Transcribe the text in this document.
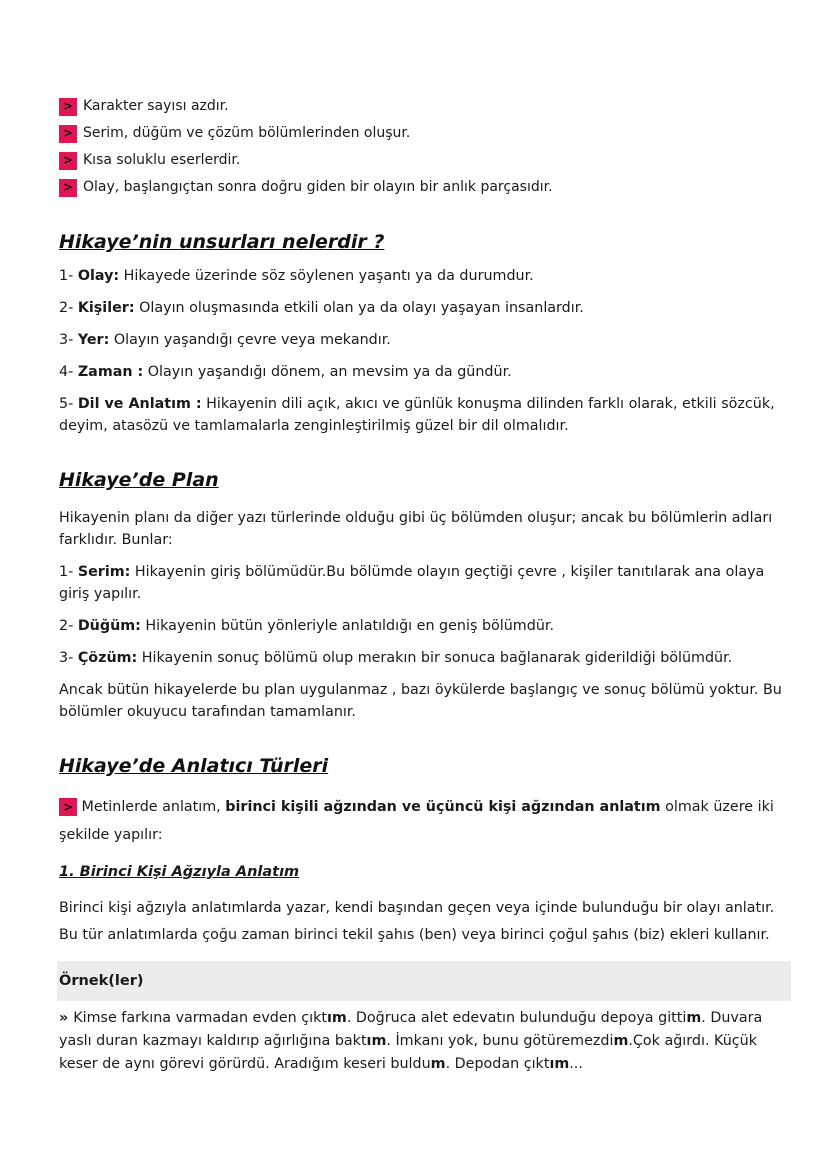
> Karakter sayısı azdır.
> Serim, düğüm ve çözüm bölümlerinden oluşur.
> Kısa soluklu eserlerdir.
> Olay, başlangıçtan sonra doğru giden bir olayın bir anlık parçasıdır.
Hikaye’nin unsurları nelerdir ?
1- Olay: Hikayede üzerinde söz söylenen yaşantı ya da durumdur.
2- Kişiler: Olayın oluşmasında etkili olan ya da olayı yaşayan insanlardır.
3- Yer: Olayın yaşandığı çevre veya mekandır.
4- Zaman : Olayın yaşandığı dönem, an mevsim ya da gündür.
5- Dil ve Anlatım : Hikayenin dili açık, akıcı ve günlük konuşma dilinden farklı olarak, etkili sözcük, deyim, atasözü ve tamlamalarla zenginleştirilmiş güzel bir dil olmalıdır.
Hikaye’de Plan

Hikayenin planı da diğer yazı türlerinde olduğu gibi üç bölümden oluşur; ancak bu bölümlerin adları farklıdır. Bunlar:

1- Serim: Hikayenin giriş bölümüdür.Bu bölümde olayın geçtiği çevre , kişiler tanıtılarak ana olaya giriş yapılır.
2- Düğüm: Hikayenin bütün yönleriyle anlatıldığı en geniş bölümdür.
3- Çözüm: Hikayenin sonuç bölümü olup merakın bir sonuca bağlanarak giderildiği bölümdür.

Ancak bütün hikayelerde bu plan uygulanmaz , bazı öykülerde başlangıç ve sonuç bölümü yoktur. Bu bölümler okuyucu tarafından tamamlanır.

Hikaye’de Anlatıcı Türleri

> Metinlerde anlatım, birinci kişili ağzından ve üçüncü kişi ağzından anlatım olmak üzere iki şekilde yapılır:

1. Birinci Kişi Ağzıyla Anlatım

Birinci kişi ağzıyla anlatımlarda yazar, kendi başından geçen veya içinde bulunduğu bir olayı anlatır. Bu tür anlatımlarda çoğu zaman birinci tekil şahıs (ben) veya birinci çoğul şahıs (biz) ekleri kullanır.

Örnek(ler)

» Kimse farkına varmadan evden çıktım. Doğruca alet edevatın bulunduğu depoya gittim. Duvara yaslı duran kazmayı kaldırıp ağırlığına baktım. İmkanı yok, bunu götüremezdim.Çok ağırdı. Küçük keser de aynı görevi görürdü. Aradığım keseri buldum. Depodan çıktım...
